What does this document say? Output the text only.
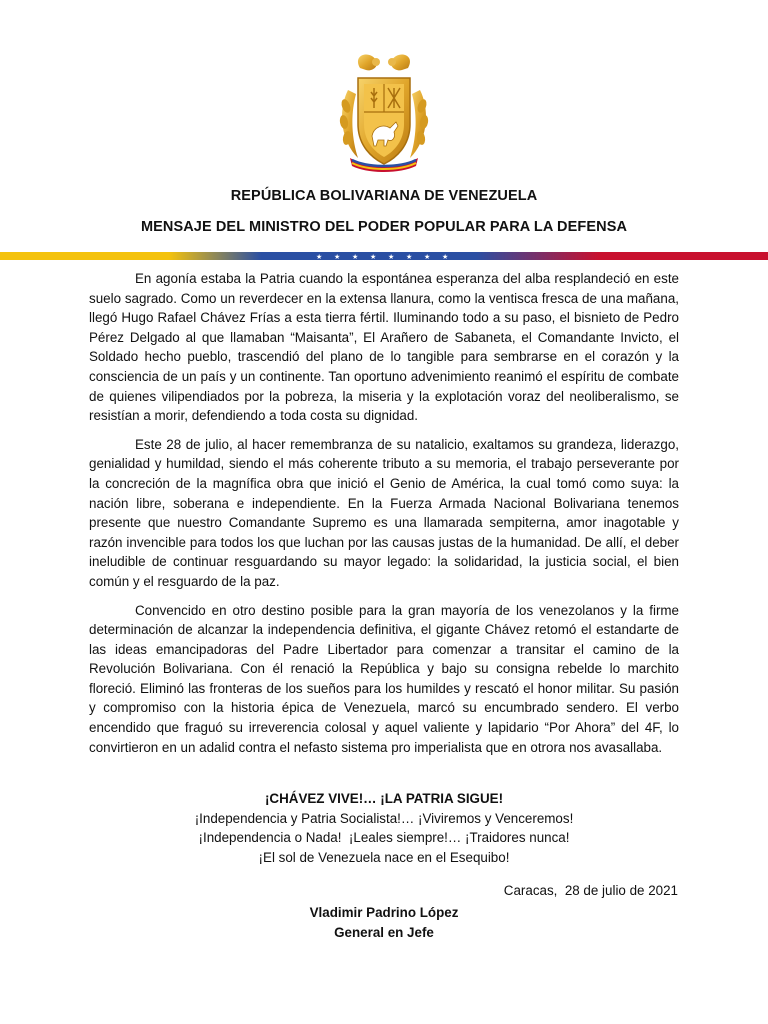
REPÚBLICA BOLIVARIANA DE VENEZUELA
MENSAJE DEL MINISTRO DEL PODER POPULAR PARA LA DEFENSA
★ ★ ★ ★ ★ ★ ★ ★

En agonía estaba la Patria cuando la espontánea esperanza del alba resplandeció en este suelo sagrado. Como un reverdecer en la extensa llanura, como la ventisca fresca de una mañana, llegó Hugo Rafael Chávez Frías a esta tierra fértil. Iluminando todo a su paso, el bisnieto de Pedro Pérez Delgado al que llamaban “Maisanta”, El Arañero de Sabaneta, el Comandante Invicto, el Soldado hecho pueblo, trascendió del plano de lo tangible para sembrarse en el corazón y la consciencia de un país y un continente. Tan oportuno advenimiento reanimó el espíritu de combate de quienes vilipendiados por la pobreza, la miseria y la explotación voraz del neoliberalismo, se resistían a morir, defendiendo a toda costa su dignidad.

Este 28 de julio, al hacer remembranza de su natalicio, exaltamos su grandeza, liderazgo, genialidad y humildad, siendo el más coherente tributo a su memoria, el trabajo perseverante por la concreción de la magnífica obra que inició el Genio de América, la cual tomó como suya: la nación libre, soberana e independiente. En la Fuerza Armada Nacional Bolivariana tenemos presente que nuestro Comandante Supremo es una llamarada sempiterna, amor inagotable y razón invencible para todos los que luchan por las causas justas de la humanidad. De allí, el deber ineludible de continuar resguardando su mayor legado: la solidaridad, la justicia social, el bien común y el resguardo de la paz.

Convencido en otro destino posible para la gran mayoría de los venezolanos y la firme determinación de alcanzar la independencia definitiva, el gigante Chávez retomó el estandarte de las ideas emancipadoras del Padre Libertador para comenzar a transitar el camino de la Revolución Bolivariana. Con él renació la República y bajo su consigna rebelde lo marchito floreció. Eliminó las fronteras de los sueños para los humildes y rescató el honor militar. Su pasión y compromiso con la historia épica de Venezuela, marcó su encumbrado sendero. El verbo encendido que fraguó su irreverencia colosal y aquel valiente y lapidario “Por Ahora” del 4F, lo convirtieron en un adalid contra el nefasto sistema pro imperialista que en otrora nos avasallaba.

¡CHÁVEZ VIVE!… ¡LA PATRIA SIGUE!
¡Independencia y Patria Socialista!… ¡Viviremos y Venceremos!
¡Independencia o Nada!  ¡Leales siempre!… ¡Traidores nunca!
¡El sol de Venezuela nace en el Esequibo!
Caracas,  28 de julio de 2021
Vladimir Padrino López
General en Jefe
